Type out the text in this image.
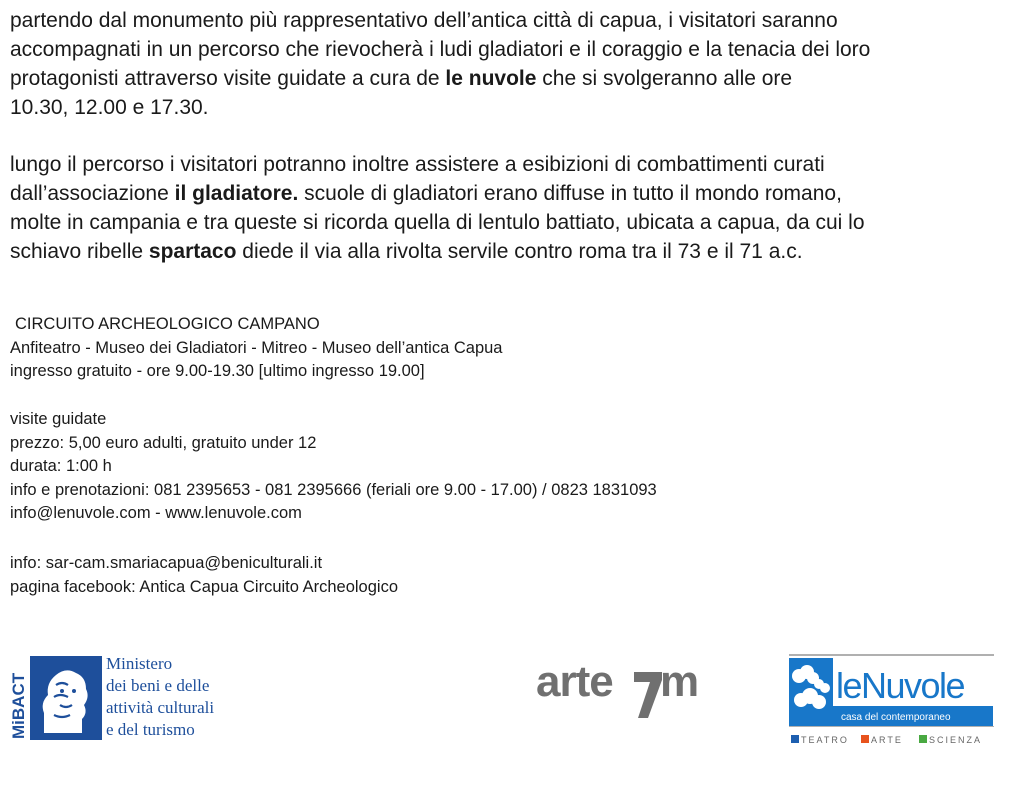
partendo dal monumento più rappresentativo dell’antica città di capua, i visitatori saranno
accompagnati in un percorso che rievocherà i ludi gladiatori e il coraggio e la tenacia dei loro
protagonisti attraverso visite guidate a cura de le nuvole che si svolgeranno alle ore
10.30, 12.00 e 17.30.

lungo il percorso i visitatori potranno inoltre assistere a esibizioni di combattimenti curati
dall’associazione il gladiatore. scuole di gladiatori erano diffuse in tutto il mondo romano,
molte in campania e tra queste si ricorda quella di lentulo battiato, ubicata a capua, da cui lo
schiavo ribelle spartaco diede il via alla rivolta servile contro roma tra il 73 e il 71 a.c.

CIRCUITO ARCHEOLOGICO CAMPANO
Anfiteatro - Museo dei Gladiatori - Mitreo - Museo dell’antica Capua
ingresso gratuito - ore 9.00-19.30 [ultimo ingresso 19.00]
visite guidate
prezzo: 5,00 euro adulti, gratuito under 12
durata: 1:00 h
info e prenotazioni: 081 2395653 - 081 2395666 (feriali ore 9.00 - 17.00) / 0823 1831093
info@lenuvole.com - www.lenuvole.com
info: sar-cam.smariacapua@beniculturali.it
pagina facebook: Antica Capua Circuito Archeologico
MiBACT
Ministero
dei beni e delle
attività culturali
e del turismo
arte m	leNuvole
casa del contemporaneo
TEATRO ARTE	SCIENZA
